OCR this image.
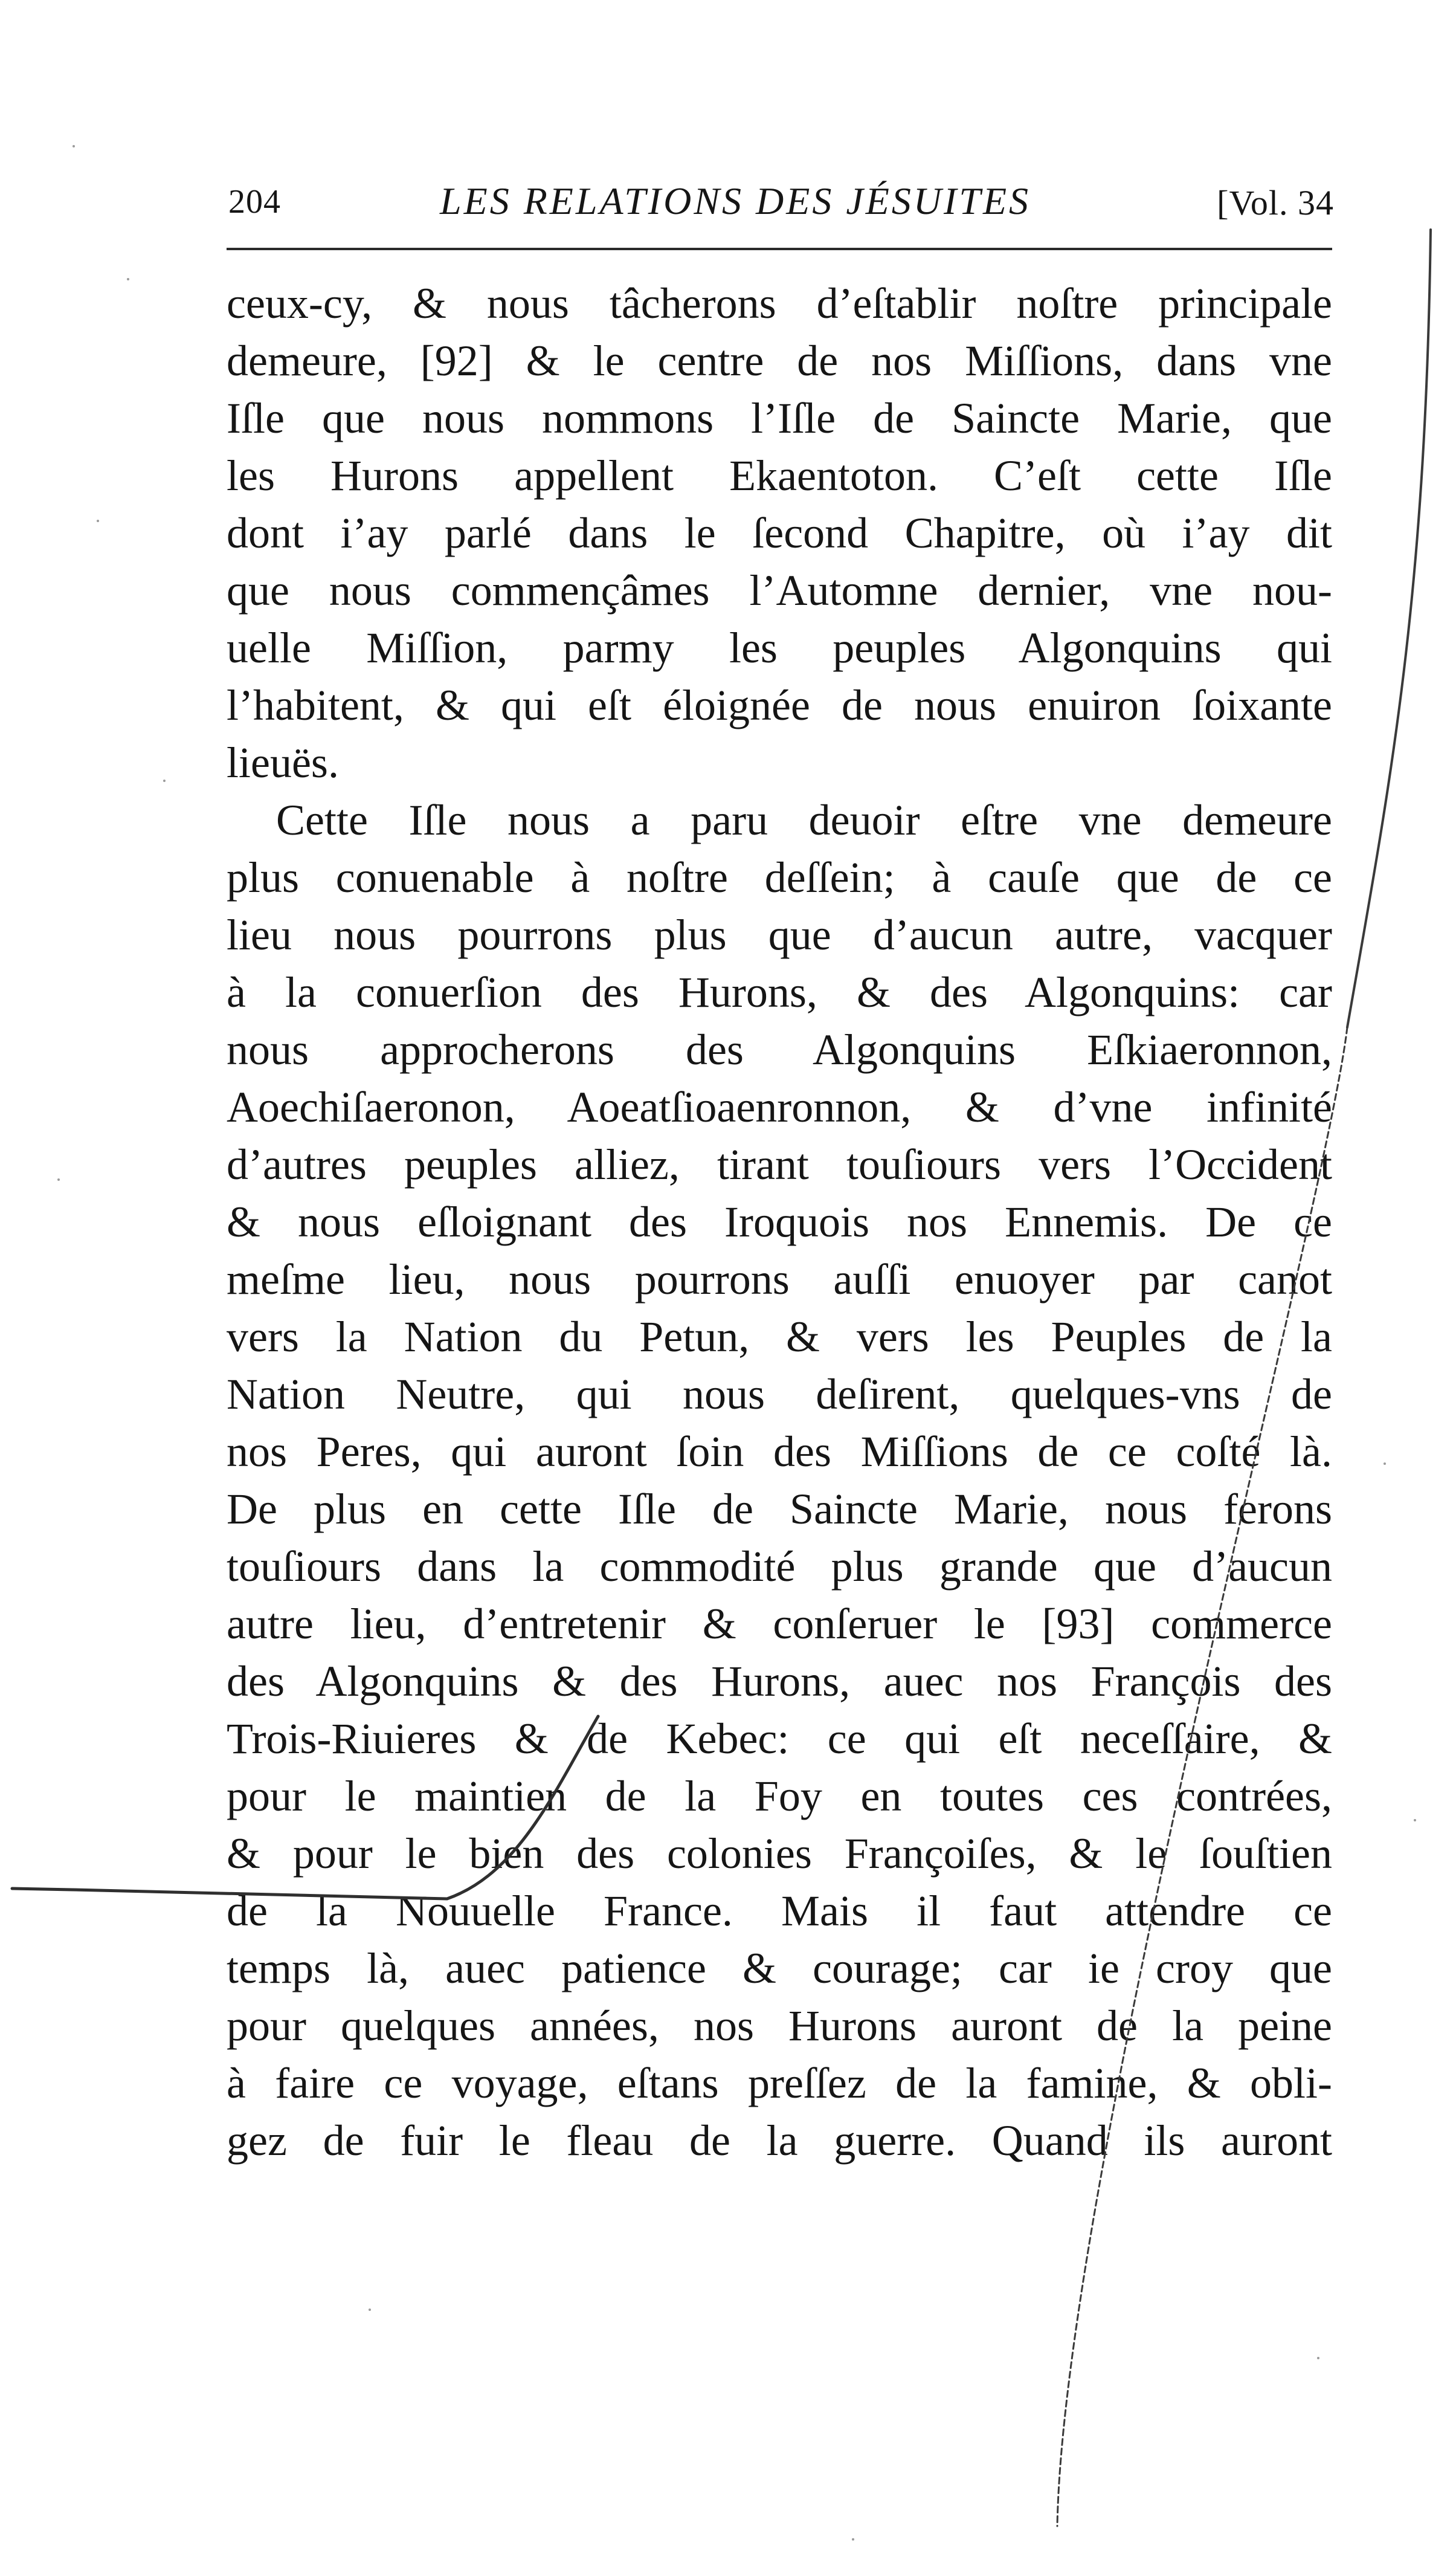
204	LES RELATIONS DES JÉSUITES	[Vol. 34
ceux-cy, & nous tâcherons d’eſtablir noſtre principale
demeure, [92] & le centre de nos Miſſions, dans vne
Iſle que nous nommons l’Iſle de Saincte Marie, que
les Hurons appellent Ekaentoton. C’eſt cette Iſle
dont i’ay parlé dans le ſecond Chapitre, où i’ay dit
que nous commençâmes l’Automne dernier, vne nou-
uelle Miſſion, parmy les peuples Algonquins qui
l’habitent, & qui eſt éloignée de nous enuiron ſoixante
lieuës.
Cette Iſle nous a paru deuoir eſtre vne demeure
plus conuenable à noſtre deſſein; à cauſe que de ce
lieu nous pourrons plus que d’aucun autre, vacquer
à la conuerſion des Hurons, & des Algonquins: car
nous approcherons des Algonquins Eſkiaeronnon,
Aoechiſaeronon, Aoeatſioaenronnon, & d’vne infinité
d’autres peuples alliez, tirant touſiours vers l’Occident
& nous eſloignant des Iroquois nos Ennemis. De ce
meſme lieu, nous pourrons auſſi enuoyer par canot
vers la Nation du Petun, & vers les Peuples de la
Nation Neutre, qui nous deſirent, quelques-vns de
nos Peres, qui auront ſoin des Miſſions de ce coſté là.
De plus en cette Iſle de Saincte Marie, nous ferons
touſiours dans la commodité plus grande que d’aucun
autre lieu, d’entretenir & conſeruer le [93] commerce
des Algonquins & des Hurons, auec nos François des
Trois-Riuieres & de Kebec: ce qui eſt neceſſaire, &
pour le maintien de la Foy en toutes ces contrées,
& pour le bien des colonies Françoiſes, & le ſouſtien
de la Nouuelle France. Mais il faut attendre ce
temps là, auec patience & courage; car ie croy que
pour quelques années, nos Hurons auront de la peine
à faire ce voyage, eſtans preſſez de la famine, & obli-
gez de fuir le fleau de la guerre. Quand ils auront
